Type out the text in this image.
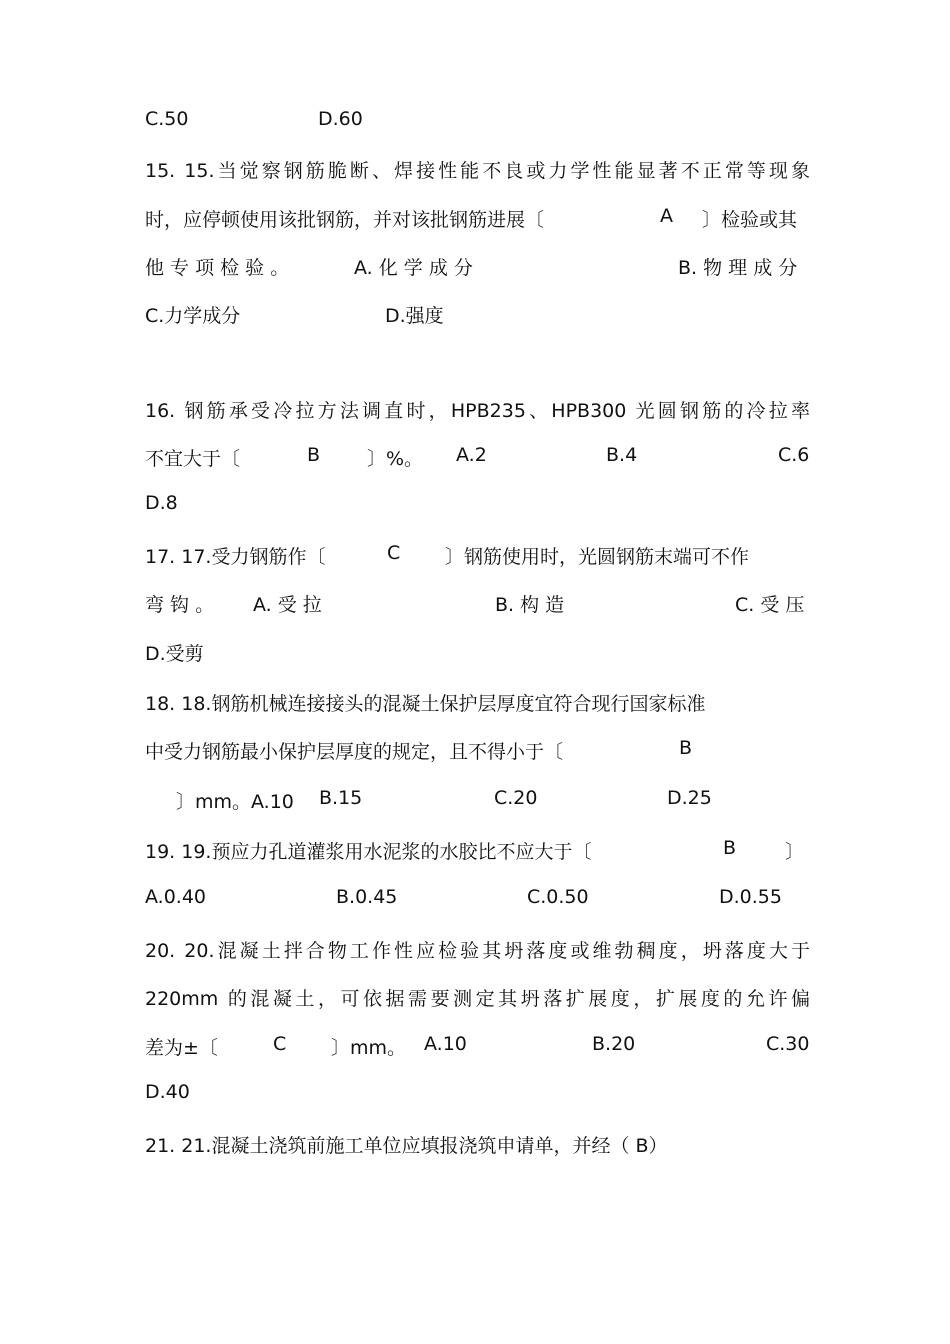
C.50	D.60
15. 15.当觉察钢筋脆断、焊接性能不良或力学性能显著不正常等现象
时，应停顿使用该批钢筋，并对该批钢筋进展〔	A 〕检验或其
他 专 项 检 验 。	A. 化 学 成 分	B. 物 理 成 分
C.力学成分	D.强度
16. 钢筋承受冷拉方法调直时，HPB235、HPB300 光圆钢筋的冷拉率
不宜大于〔	B 〕%。 A.2	B.4	C.6
D.8
17. 17.受力钢筋作〔	C 〕钢筋使用时，光圆钢筋末端可不作
弯 钩 。 A. 受 拉	B. 构 造	C. 受 压
D.受剪
18. 18.钢筋机械连接接头的混凝土保护层厚度宜符合现行国家标准
中受力钢筋最小保护层厚度的规定，且不得小于〔	B
〕mm。A.10 B.15	C.20	D.25
19. 19.预应力孔道灌浆用水泥浆的水胶比不应大于〔	B	〕
A.0.40	B.0.45	C.0.50	D.0.55
20. 20.混凝土拌合物工作性应检验其坍落度或维勃稠度，坍落度大于
220mm 的混凝土，可依据需要测定其坍落扩展度，扩展度的允许偏
差为±〔	C 〕mm。 A.10	B.20	C.30
D.40
21. 21.混凝土浇筑前施工单位应填报浇筑申请单，并经（ B）
